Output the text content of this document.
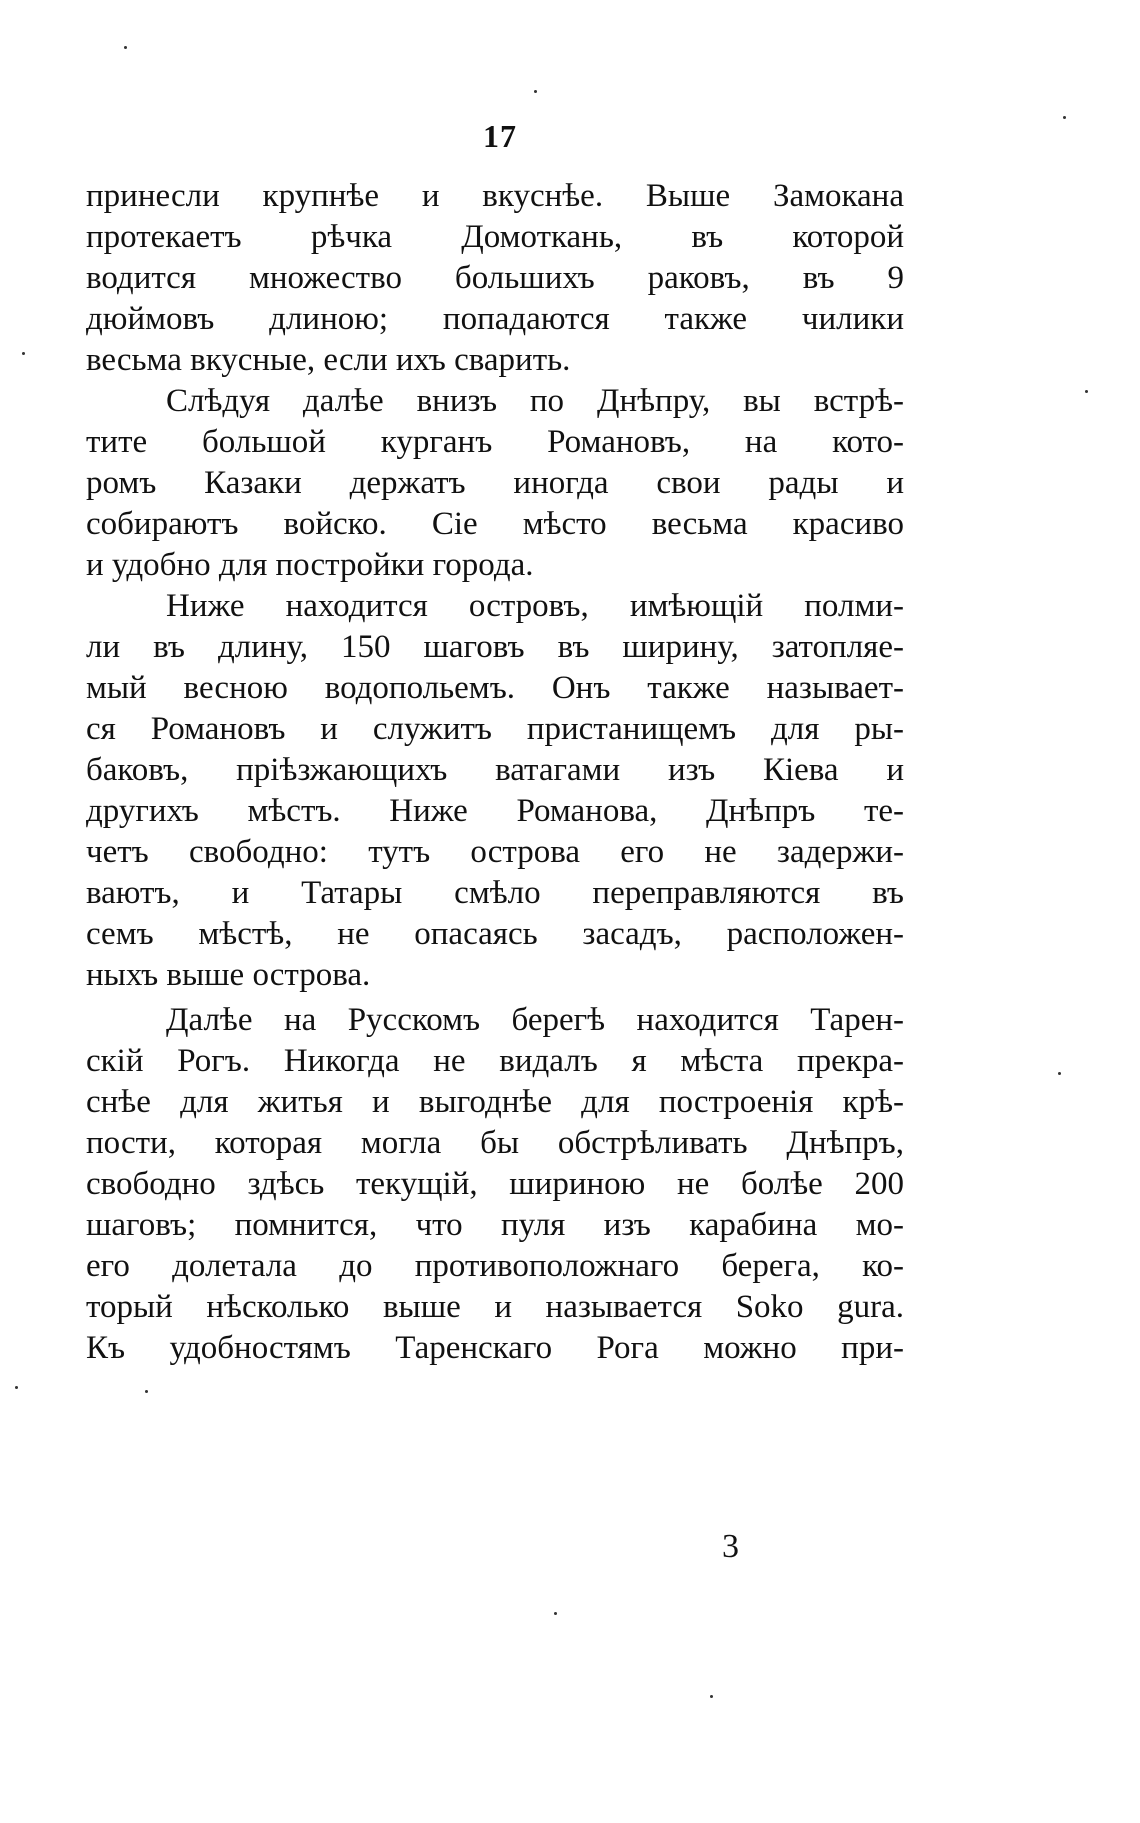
17
принесли крупнѣе и вкуснѣе. Выше Замокана
протекаетъ рѣчка Домоткань, въ которой
водится множество большихъ раковъ, въ 9
дюймовъ длиною; попадаются также чилики
весьма вкусные, если ихъ сварить.
Слѣдуя далѣе внизъ по Днѣпру, вы встрѣ-
тите большой курганъ Романовъ, на кото-
ромъ Казаки держатъ иногда свои рады и
собираютъ войско. Сіе мѣсто весьма красиво
и удобно для постройки города.
Ниже находится островъ, имѣющій полми-
ли въ длину, 150 шаговъ въ ширину, затопляе-
мый весною водопольемъ. Онъ также называет-
ся Романовъ и служитъ пристанищемъ для ры-
баковъ, пріѣзжающихъ ватагами изъ Кіева и
другихъ мѣстъ. Ниже Романова, Днѣпръ те-
четъ свободно: тутъ острова его не задержи-
ваютъ, и Татары смѣло переправляются въ
семъ мѣстѣ, не опасаясь засадъ, расположен-
ныхъ выше острова.
Далѣе на Русскомъ берегѣ находится Тарен-
скій Рогъ. Никогда не видалъ я мѣста прекра-
снѣе для житья и выгоднѣе для построенія крѣ-
пости, которая могла бы обстрѣливать Днѣпръ,
свободно здѣсь текущій, шириною не болѣе 200
шаговъ; помнится, что пуля изъ карабина мо-
его долетала до противоположнаго берега, ко-
торый нѣсколько выше и называется Soko gura.
Къ удобностямъ Таренскаго Рога можно при-
3
